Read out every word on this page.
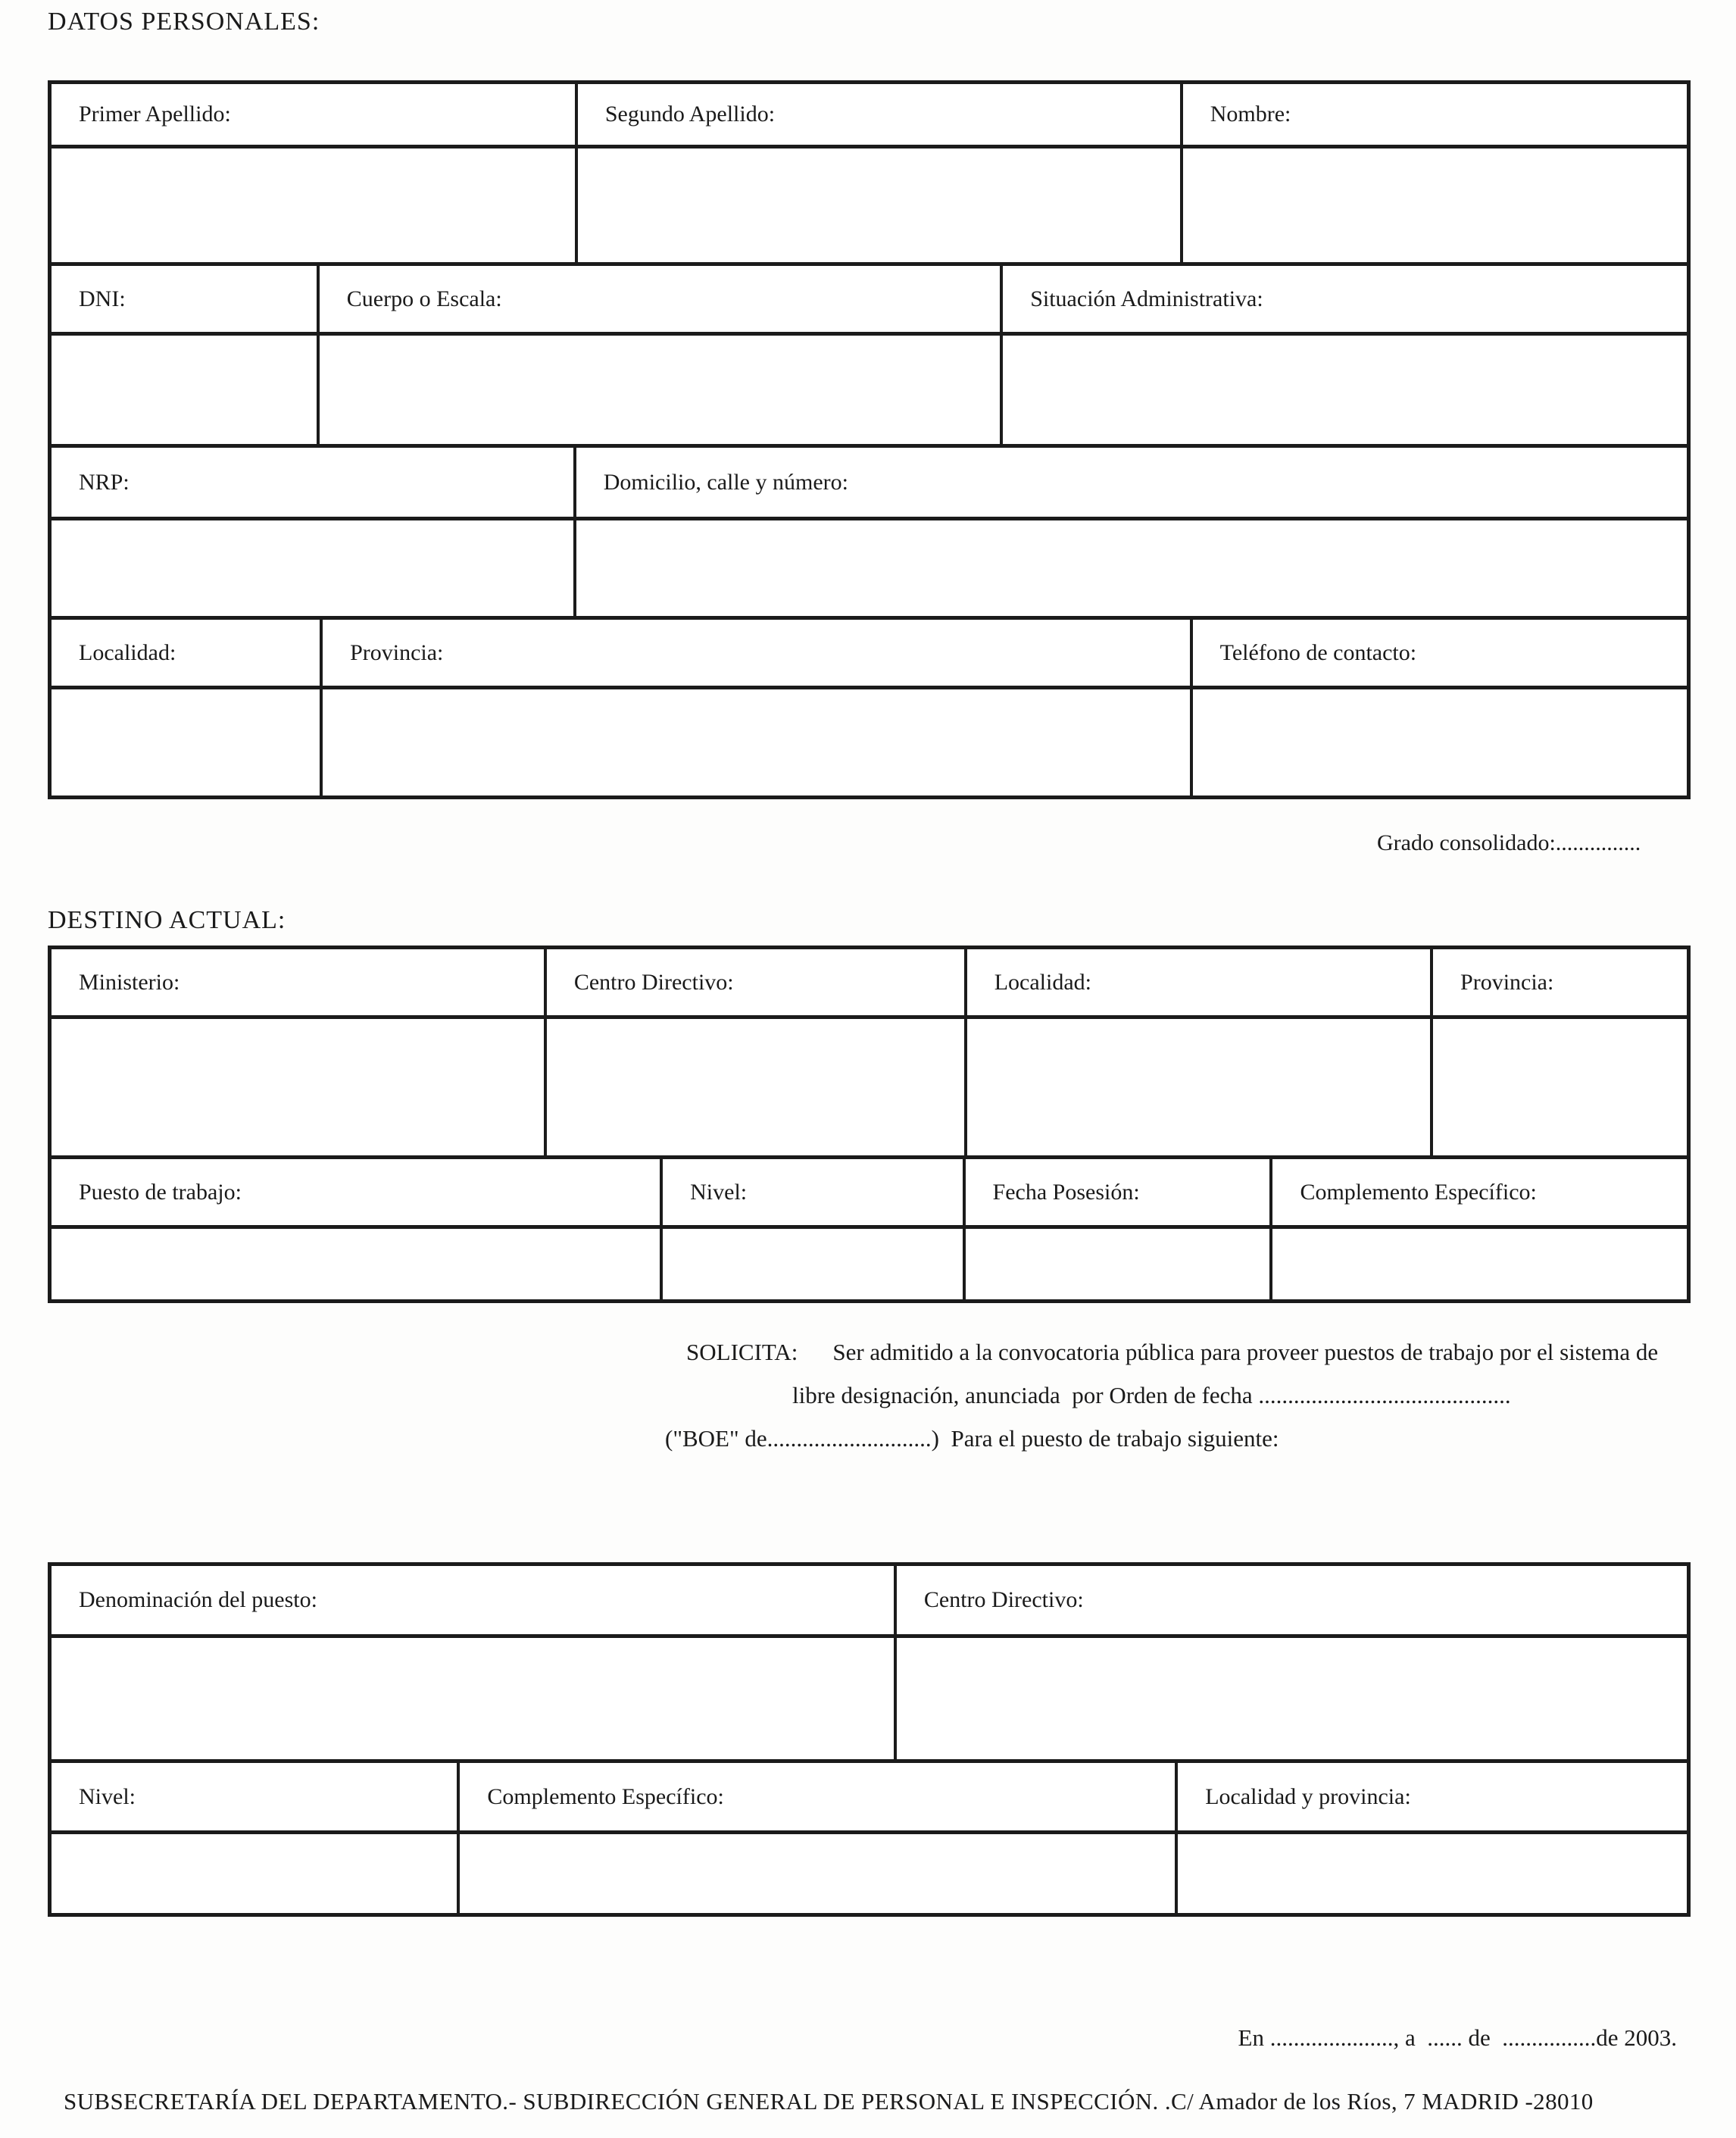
DATOS PERSONALES:
Primer Apellido:	Segundo Apellido:	Nombre:
DNI:	Cuerpo o Escala:	Situación Administrativa:
NRP:	Domicilio, calle y número:
Localidad:	Provincia:	Teléfono de contacto:
Grado consolidado:...............
DESTINO ACTUAL:
Ministerio:	Centro Directivo:	Localidad:	Provincia:
Puesto de trabajo:	Nivel:	Fecha Posesión:	Complemento Específico:
SOLICITA: Ser admitido a la convocatoria pública para proveer puestos de trabajo por el sistema de
libre designación, anunciada  por Orden de fecha ...........................................
("BOE" de............................)  Para el puesto de trabajo siguiente:
Denominación del puesto:	Centro Directivo:
Nivel:	Complemento Específico:	Localidad y provincia:
En ....................., a  ...... de  ................de 2003.
SUBSECRETARÍA DEL DEPARTAMENTO.- SUBDIRECCIÓN GENERAL DE PERSONAL E INSPECCIÓN. .C/ Amador de los Ríos, 7 MADRID -28010
